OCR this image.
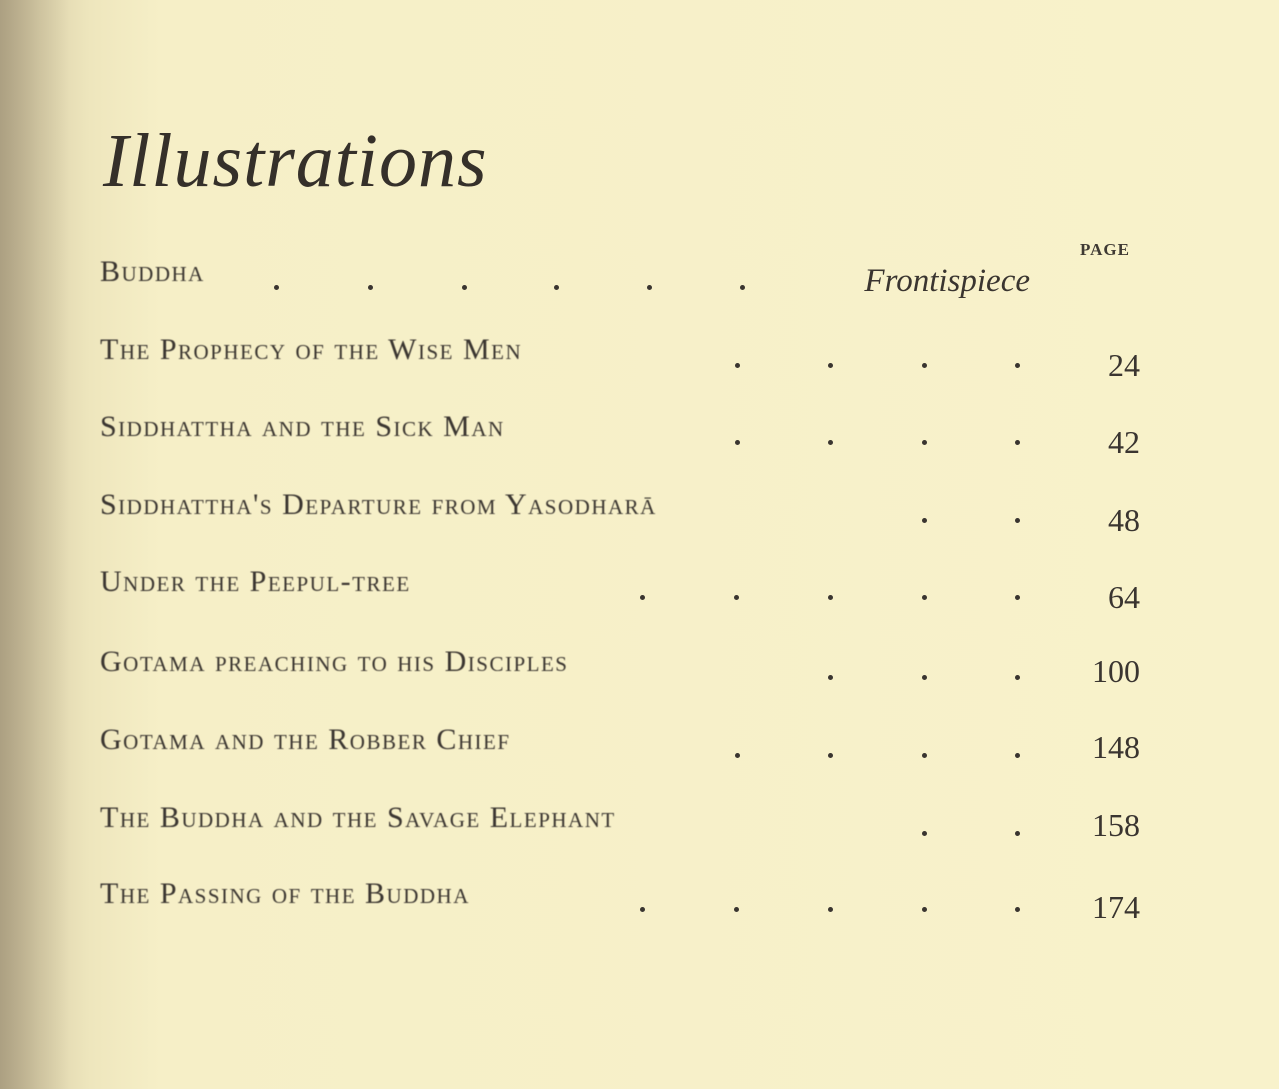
Illustrations
PAGE
Buddha	Frontispiece
The Prophecy of the Wise Men	24
Siddhattha and the Sick Man	42
Siddhattha's Departure from Yasodharā	48
Under the Peepul-tree	64
Gotama preaching to his Disciples	100
Gotama and the Robber Chief	148
The Buddha and the Savage Elephant	158
The Passing of the Buddha	174
